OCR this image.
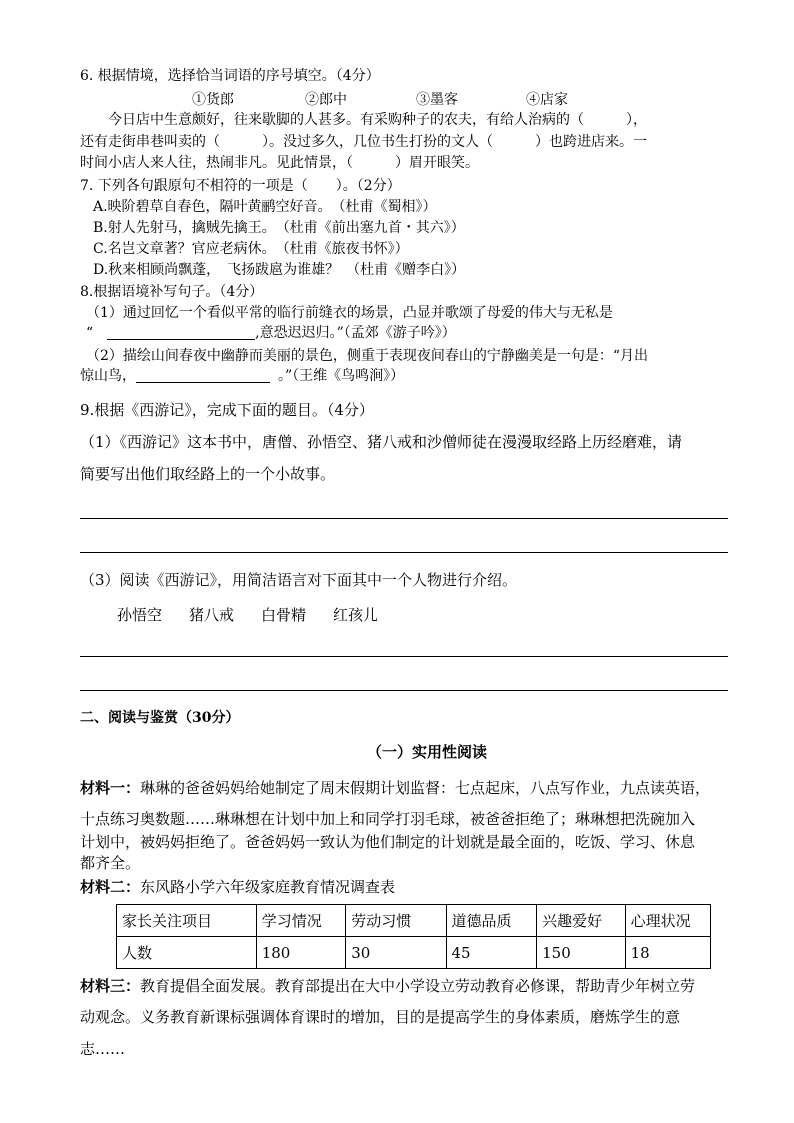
6. 根据情境，选择恰当词语的序号填空。（4分）
①货郎	②郎中	③墨客	④店家
今日店中生意颇好，往来歇脚的人甚多。有采购种子的农夫，有给人治病的（　　　），
还有走街串巷叫卖的（　　　）。没过多久，几位书生打扮的文人（　　　）也跨进店来。一
时间小店人来人往，热闹非凡。见此情景，（　　　）眉开眼笑。
7. 下列各句跟原句不相符的一项是（　　）。（2分）
A.映阶碧草自春色，隔叶黄鹂空好音。　（杜甫《蜀相》）
B.射人先射马，擒贼先擒王。　（杜甫《前出塞九首・其六》）
C.名岂文章著？官应老病休。　（杜甫《旅夜书怀》）
D.秋来相顾尚飘蓬，　飞扬跋扈为谁雄？　（杜甫《赠李白》）
8.根据语境补写句子。（4分）
（1）通过回忆一个看似平常的临行前缝衣的场景，凸显并歌颂了母爱的伟大与无私是
“	,意恐迟迟归。”（孟郊《游子吟》）
（2）描绘山间春夜中幽静而美丽的景色，侧重于表现夜间春山的宁静幽美是一句是：“月出
惊山鸟，	。”（王维《鸟鸣涧》）
9.根据《西游记》，完成下面的题目。（4分）
（1）《西游记》这本书中，唐僧、孙悟空、猪八戒和沙僧师徒在漫漫取经路上历经磨难，请
简要写出他们取经路上的一个小故事。
（3）阅读《西游记》，用简洁语言对下面其中一个人物进行介绍。
孙悟空 猪八戒 白骨精 红孩儿
二、阅读与鉴赏（30分）
（一）实用性阅读
材料一：琳琳的爸爸妈妈给她制定了周末假期计划监督：七点起床，八点写作业，九点读英语，
十点练习奥数题……琳琳想在计划中加上和同学打羽毛球，被爸爸拒绝了；琳琳想把洗碗加入
计划中，被妈妈拒绝了。爸爸妈妈一致认为他们制定的计划就是最全面的，吃饭、学习、休息
都齐全。
材料二：东风路小学六年级家庭教育情况调查表
家长关注项目	学习情况	劳动习惯	道德品质	兴趣爱好	心理状况
人数	180	30	45	150	18
材料三：教育提倡全面发展。教育部提出在大中小学设立劳动教育必修课，帮助青少年树立劳
动观念。义务教育新课标强调体育课时的增加，目的是提高学生的身体素质，磨炼学生的意
志……
